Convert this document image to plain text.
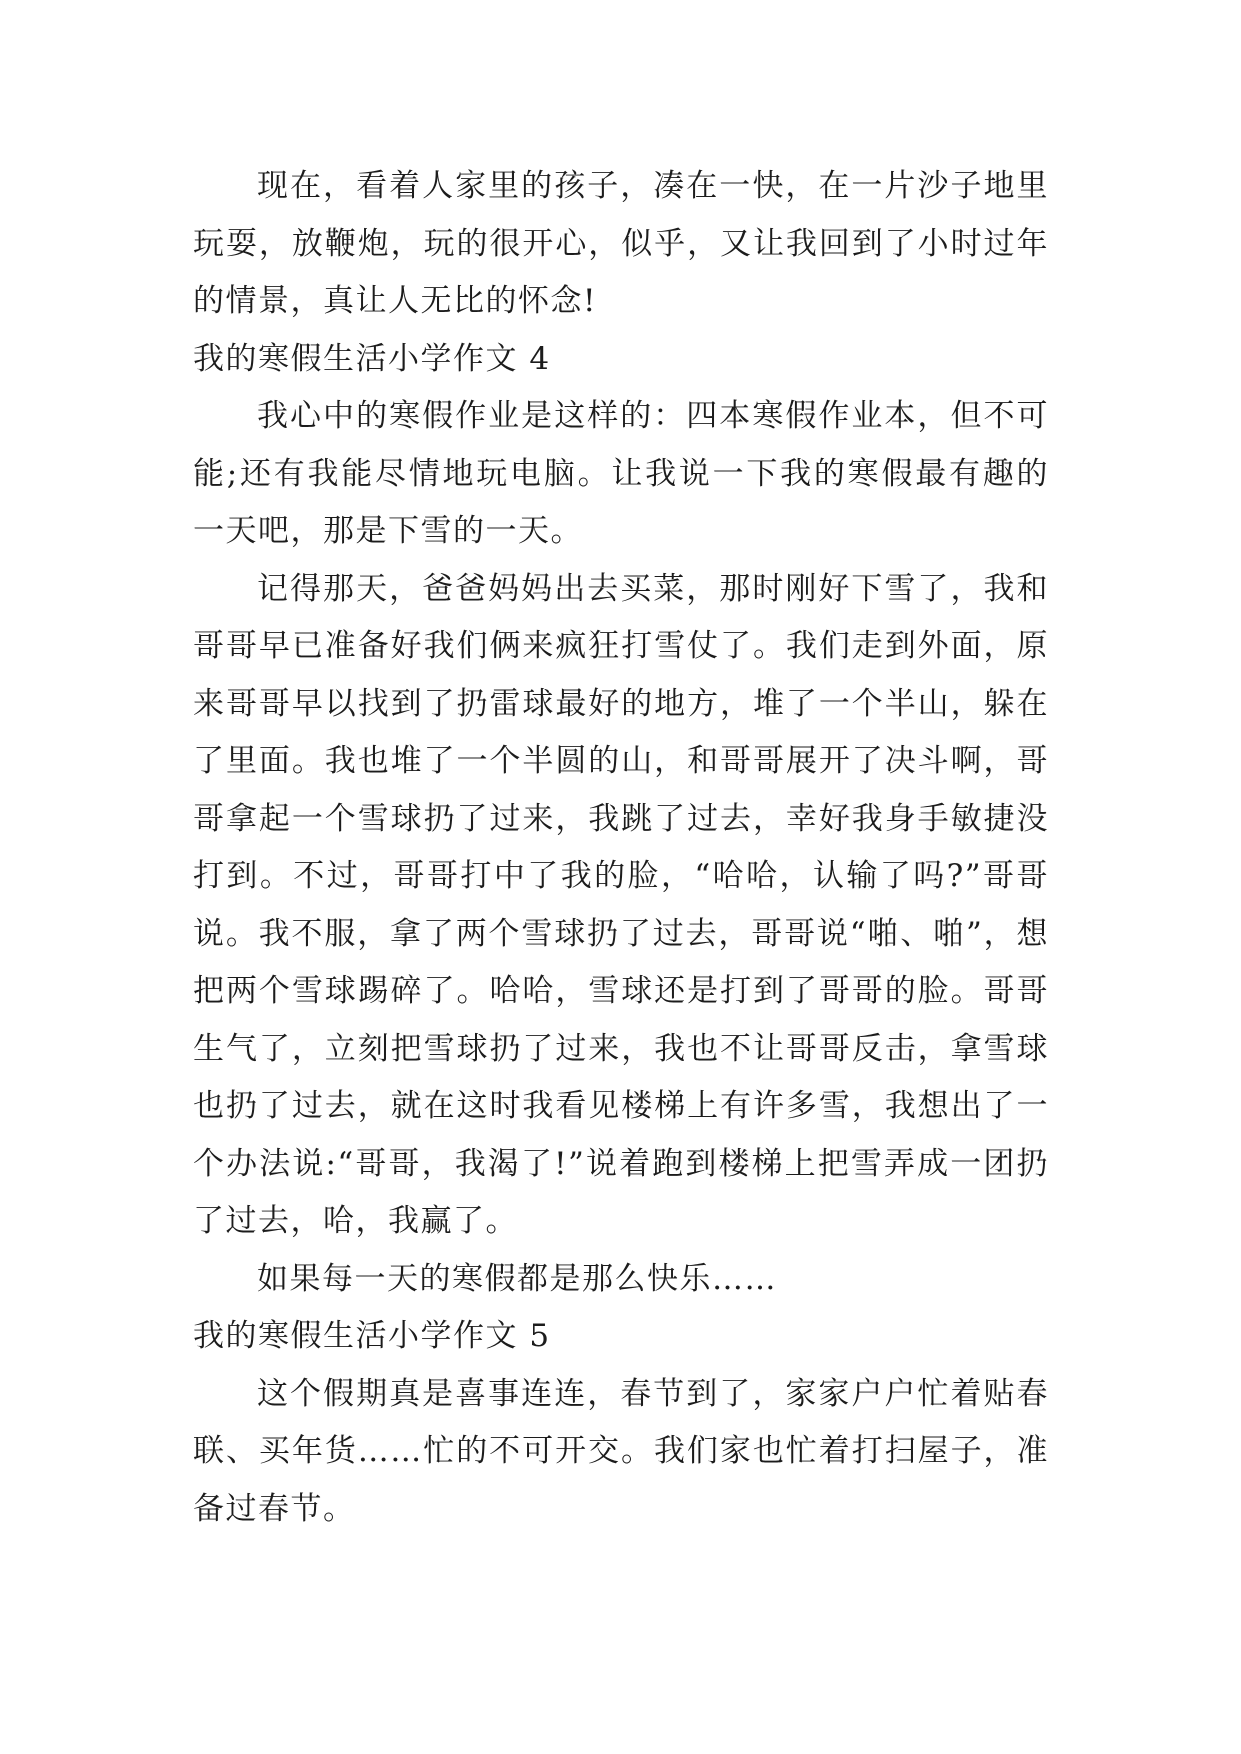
现在，看着人家里的孩子，凑在一快，在一片沙子地里玩耍，放鞭炮，玩的很开心，似乎，又让我回到了小时过年的情景，真让人无比的怀念!

我的寒假生活小学作文 4

我心中的寒假作业是这样的：四本寒假作业本，但不可能;还有我能尽情地玩电脑。让我说一下我的寒假最有趣的一天吧，那是下雪的一天。

记得那天，爸爸妈妈出去买菜，那时刚好下雪了，我和哥哥早已准备好我们俩来疯狂打雪仗了。我们走到外面，原来哥哥早以找到了扔雷球最好的地方，堆了一个半山，躲在了里面。我也堆了一个半圆的山，和哥哥展开了决斗啊，哥哥拿起一个雪球扔了过来，我跳了过去，幸好我身手敏捷没打到。不过，哥哥打中了我的脸，“哈哈，认输了吗?”哥哥说。我不服，拿了两个雪球扔了过去，哥哥说“啪、啪”，想把两个雪球踢碎了。哈哈，雪球还是打到了哥哥的脸。哥哥生气了，立刻把雪球扔了过来，我也不让哥哥反击，拿雪球也扔了过去，就在这时我看见楼梯上有许多雪，我想出了一个办法说:“哥哥，我渴了!”说着跑到楼梯上把雪弄成一团扔了过去，哈，我赢了。

如果每一天的寒假都是那么快乐……

我的寒假生活小学作文 5

这个假期真是喜事连连，春节到了，家家户户忙着贴春联、买年货……忙的不可开交。我们家也忙着打扫屋子，准备过春节。
